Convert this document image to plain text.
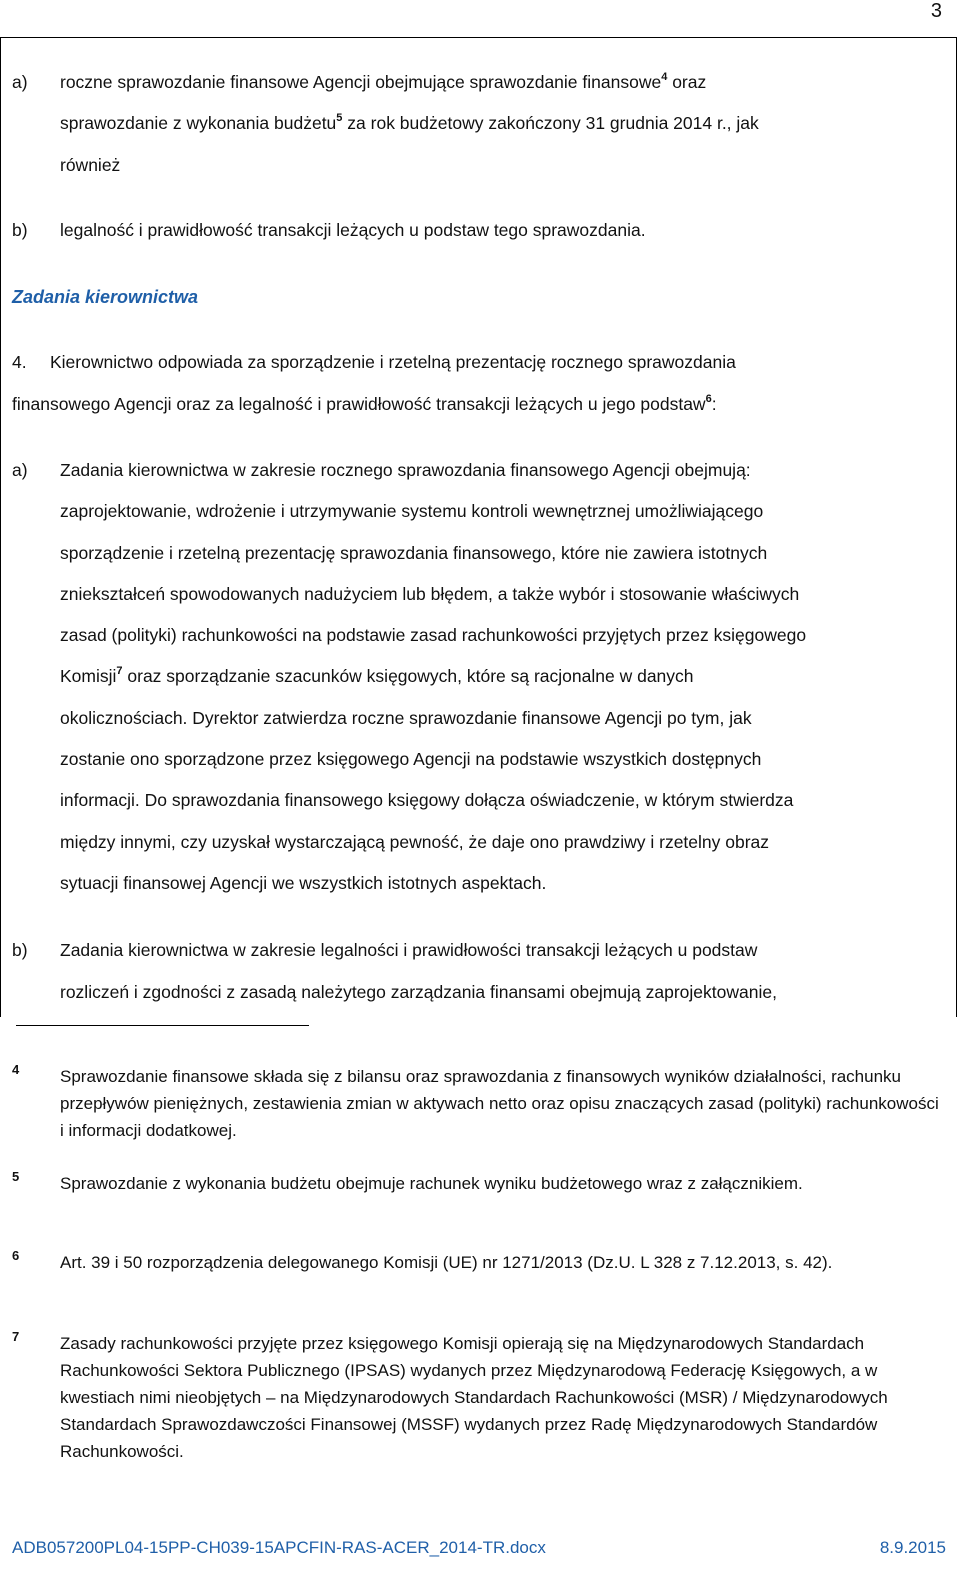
3
a) roczne sprawozdanie finansowe Agencji obejmujące sprawozdanie finansowe$^4$ oraz
sprawozdanie z wykonania budżetu$^5$ za rok budżetowy zakończony 31 grudnia 2014 r., jak
również
b) legalność i prawidłowość transakcji leżących u podstaw tego sprawozdania.
Zadania kierownictwa
4. Kierownictwo odpowiada za sporządzenie i rzetelną prezentację rocznego sprawozdania
finansowego Agencji oraz za legalność i prawidłowość transakcji leżących u jego podstaw$^6$:
a) Zadania kierownictwa w zakresie rocznego sprawozdania finansowego Agencji obejmują:
zaprojektowanie, wdrożenie i utrzymywanie systemu kontroli wewnętrznej umożliwiającego
sporządzenie i rzetelną prezentację sprawozdania finansowego, które nie zawiera istotnych
zniekształceń spowodowanych nadużyciem lub błędem, a także wybór i stosowanie właściwych
zasad (polityki) rachunkowości na podstawie zasad rachunkowości przyjętych przez księgowego
Komisji$^7$ oraz sporządzanie szacunków księgowych, które są racjonalne w danych
okolicznościach. Dyrektor zatwierdza roczne sprawozdanie finansowe Agencji po tym, jak
zostanie ono sporządzone przez księgowego Agencji na podstawie wszystkich dostępnych
informacji. Do sprawozdania finansowego księgowy dołącza oświadczenie, w którym stwierdza
między innymi, czy uzyskał wystarczającą pewność, że daje ono prawdziwy i rzetelny obraz
sytuacji finansowej Agencji we wszystkich istotnych aspektach.
b) Zadania kierownictwa w zakresie legalności i prawidłowości transakcji leżących u podstaw
rozliczeń i zgodności z zasadą należytego zarządzania finansami obejmują zaprojektowanie,
4 Sprawozdanie finansowe składa się z bilansu oraz sprawozdania z finansowych wyników działalności, rachunku przepływów pieniężnych, zestawienia zmian w aktywach netto oraz opisu znaczących zasad (polityki) rachunkowości i informacji dodatkowej.
5 Sprawozdanie z wykonania budżetu obejmuje rachunek wyniku budżetowego wraz z załącznikiem.
6 Art. 39 i 50 rozporządzenia delegowanego Komisji (UE) nr 1271/2013 (Dz.U. L 328 z 7.12.2013, s. 42).
7 Zasady rachunkowości przyjęte przez księgowego Komisji opierają się na Międzynarodowych Standardach Rachunkowości Sektora Publicznego (IPSAS) wydanych przez Międzynarodową Federację Księgowych, a w kwestiach nimi nieobjętych – na Międzynarodowych Standardach Rachunkowości (MSR) / Międzynarodowych Standardach Sprawozdawczości Finansowej (MSSF) wydanych przez Radę Międzynarodowych Standardów Rachunkowości.
ADB057200PL04-15PP-CH039-15APCFIN-RAS-ACER_2014-TR.docx	8.9.2015
